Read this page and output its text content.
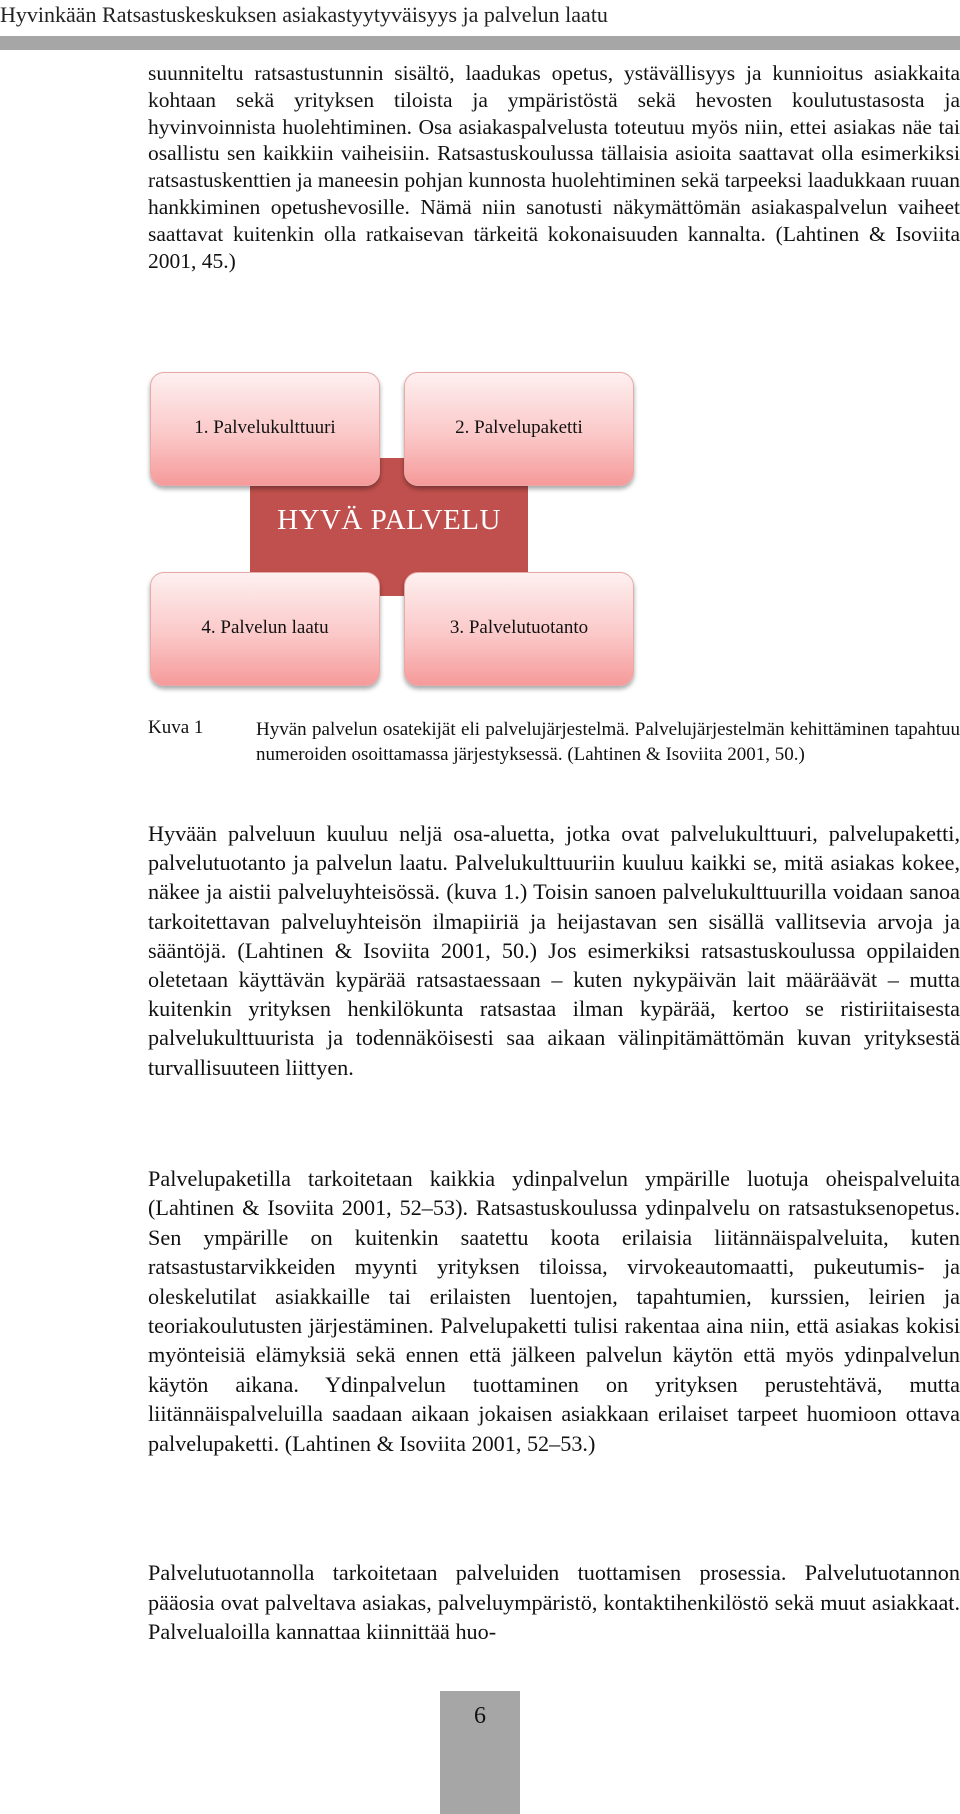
Hyvinkään Ratsastuskeskuksen asiakastyytyväisyys ja palvelun laatu

suunniteltu ratsastustunnin sisältö, laadukas opetus, ystävällisyys ja kunnioitus asiakkaita kohtaan sekä yrityksen tiloista ja ympäristöstä sekä hevosten koulutustasosta ja hyvinvoinnista huolehtiminen. Osa asiakaspalvelusta toteutuu myös niin, ettei asiakas näe tai osallistu sen kaikkiin vaiheisiin. Ratsastuskoulussa tällaisia asioita saattavat olla esimerkiksi ratsastuskenttien ja maneesin pohjan kunnosta huolehtiminen sekä tarpeeksi laadukkaan ruuan hankkiminen opetushevosille. Nämä niin sanotusti näkymättömän asiakaspalvelun vaiheet saattavat kuitenkin olla ratkaisevan tärkeitä kokonaisuuden kannalta. (Lahtinen & Isoviita 2001, 45.)

HYVÄ PALVELU
1. Palvelukulttuuri	2. Palvelupaketti
4. Palvelun laatu	3. Palvelutuotanto
Kuva 1	Hyvän palvelun osatekijät eli palvelujärjestelmä. Palvelujärjestelmän kehittäminen tapahtuu numeroiden osoittamassa järjestyksessä. (Lahtinen & Isoviita 2001, 50.)

Hyvään palveluun kuuluu neljä osa-aluetta, jotka ovat palvelukulttuuri, palvelupaketti, palvelutuotanto ja palvelun laatu. Palvelukulttuuriin kuuluu kaikki se, mitä asiakas kokee, näkee ja aistii palveluyhteisössä. (kuva 1.) Toisin sanoen palvelukulttuurilla voidaan sanoa tarkoitettavan palveluyhteisön ilmapiiriä ja heijastavan sen sisällä vallitsevia arvoja ja sääntöjä. (Lahtinen & Isoviita 2001, 50.) Jos esimerkiksi ratsastuskoulussa oppilaiden oletetaan käyttävän kypärää ratsastaessaan – kuten nykypäivän lait määräävät – mutta kuitenkin yrityksen henkilökunta ratsastaa ilman kypärää, kertoo se ristiriitaisesta palvelukulttuurista ja todennäköisesti saa aikaan välinpitämättömän kuvan yrityksestä turvallisuuteen liittyen.

Palvelupaketilla tarkoitetaan kaikkia ydinpalvelun ympärille luotuja oheispalveluita (Lahtinen & Isoviita 2001, 52–53). Ratsastuskoulussa ydinpalvelu on ratsastuksenopetus. Sen ympärille on kuitenkin saatettu koota erilaisia liitännäispalveluita, kuten ratsastustarvikkeiden myynti yrityksen tiloissa, virvokeautomaatti, pukeutumis- ja oleskelutilat asiakkaille tai erilaisten luentojen, tapahtumien, kurssien, leirien ja teoriakoulutusten järjestäminen. Palvelupaketti tulisi rakentaa aina niin, että asiakas kokisi myönteisiä elämyksiä sekä ennen että jälkeen palvelun käytön että myös ydinpalvelun käytön aikana. Ydinpalvelun tuottaminen on yrityksen perustehtävä, mutta liitännäispalveluilla saadaan aikaan jokaisen asiakkaan erilaiset tarpeet huomioon ottava palvelupaketti. (Lahtinen & Isoviita 2001, 52–53.)

Palvelutuotannolla tarkoitetaan palveluiden tuottamisen prosessia. Palvelutuotannon pääosia ovat palveltava asiakas, palveluympäristö, kontaktihenkilöstö sekä muut asiakkaat. Palvelualoilla kannattaa kiinnittää huo-

6
